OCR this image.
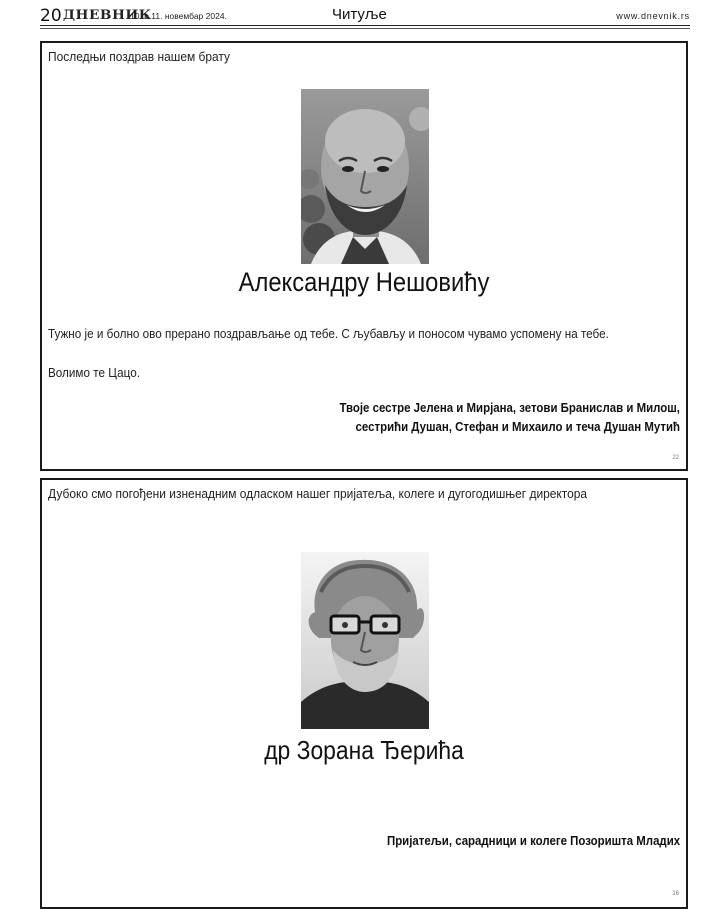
20 ДНЕВНИК
10. и 11. новембар 2024.	Читуље	www.dnevnik.rs
Последњи поздрав нашем брату
Александру Нешовићу
Тужно је и болно ово прерано поздрављање од тебе. С љубављу и поносом чувамо успомену на тебе.
Волимо те Цацо.
Твоје сестре Јелена и Мирјана, зетови Бранислав и Милош,
сестрићи Душан, Стефан и Михаило и теча Душан Мутић
22
Дубоко смо погођени изненадним одласком нашег пријатеља, колеге и дугогодишњег директора
др Зорана Ђерића
Пријатељи, сарадници и колеге Позоришта Младих
16
